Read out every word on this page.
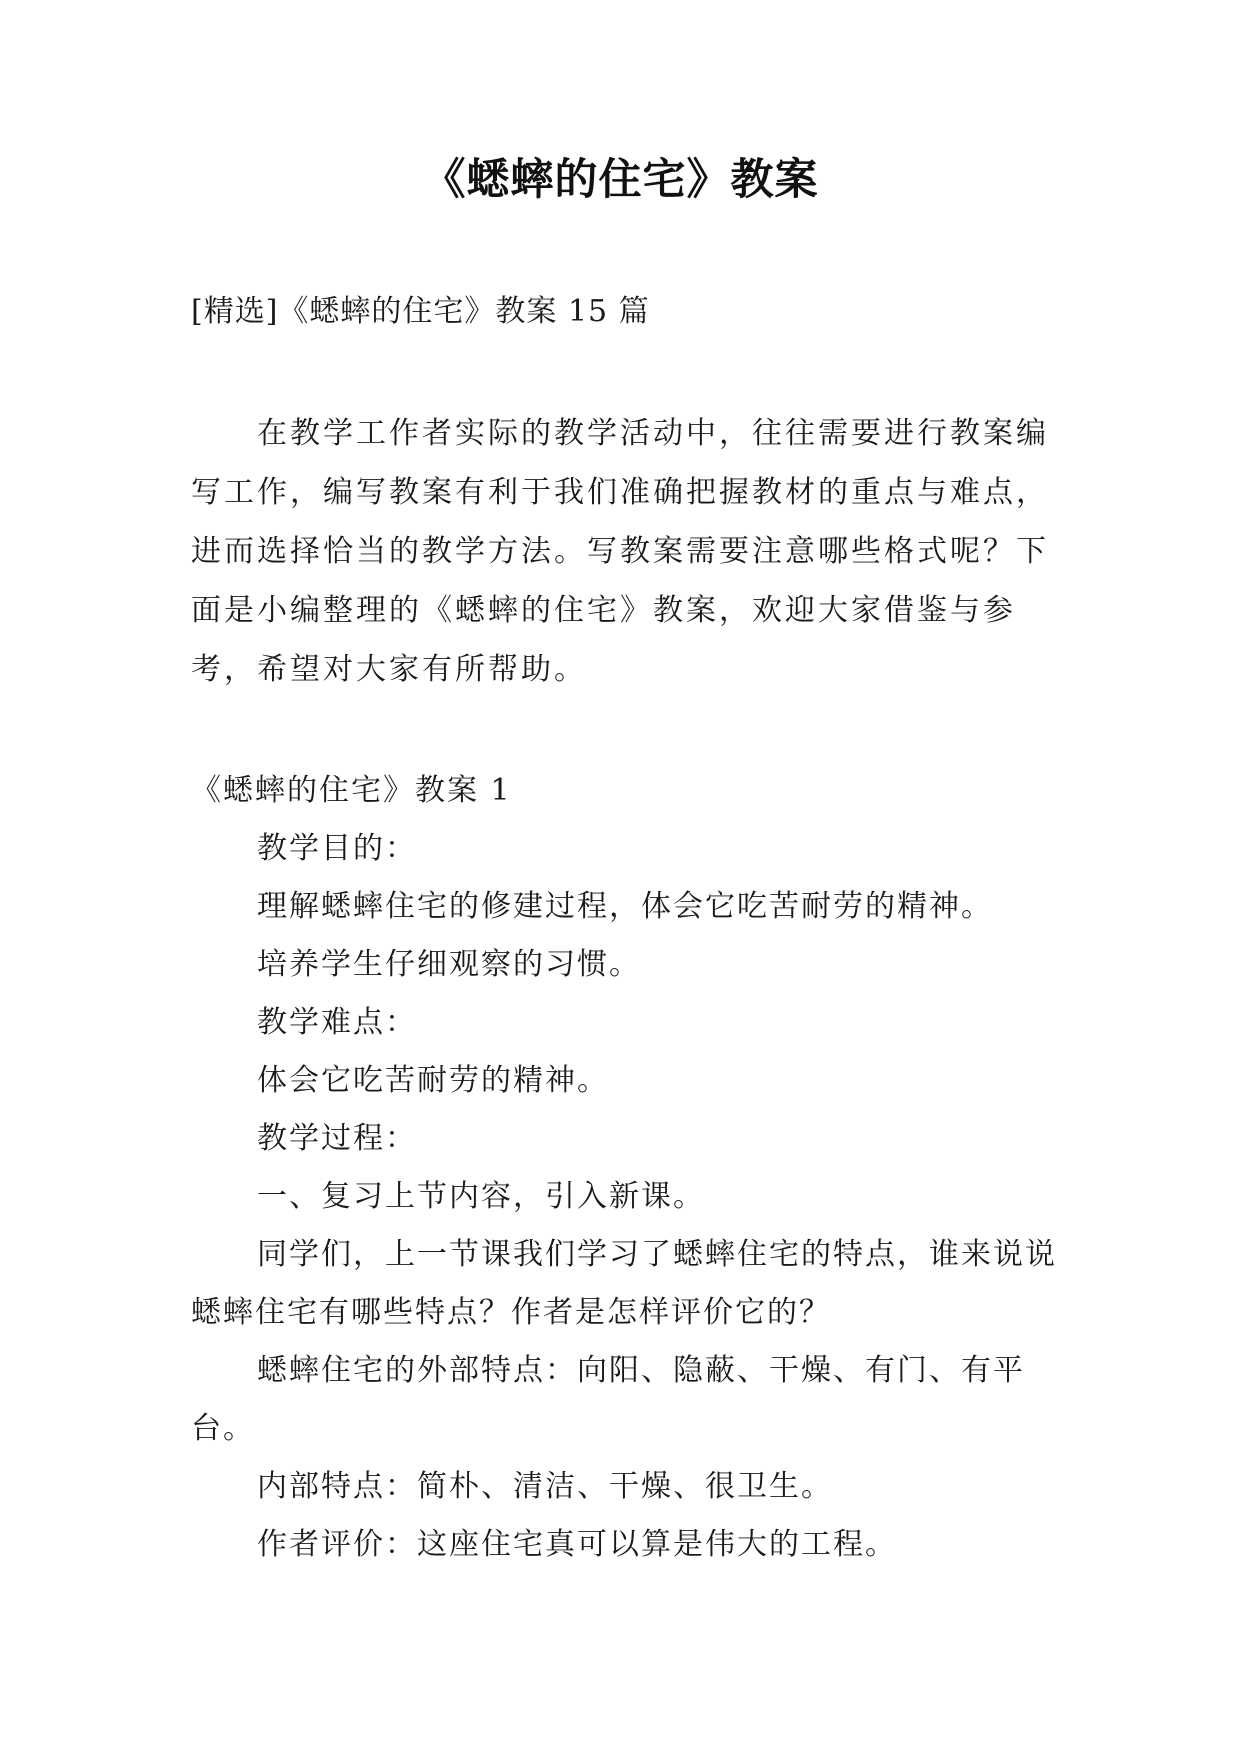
《蟋蟀的住宅》教案
[精选]《蟋蟀的住宅》教案 15 篇

在教学工作者实际的教学活动中，往往需要进行教案编写工作，编写教案有利于我们准确把握教材的重点与难点，进而选择恰当的教学方法。写教案需要注意哪些格式呢？下面是小编整理的《蟋蟀的住宅》教案，欢迎大家借鉴与参考，希望对大家有所帮助。

《蟋蟀的住宅》教案 1
教学目的：
理解蟋蟀住宅的修建过程，体会它吃苦耐劳的精神。
培养学生仔细观察的习惯。
教学难点：
体会它吃苦耐劳的精神。
教学过程：
一、复习上节内容，引入新课。

同学们，上一节课我们学习了蟋蟀住宅的特点，谁来说说蟋蟀住宅有哪些特点？作者是怎样评价它的？

蟋蟀住宅的外部特点：向阳、隐蔽、干燥、有门、有平台。

内部特点：简朴、清洁、干燥、很卫生。
作者评价：这座住宅真可以算是伟大的工程。
